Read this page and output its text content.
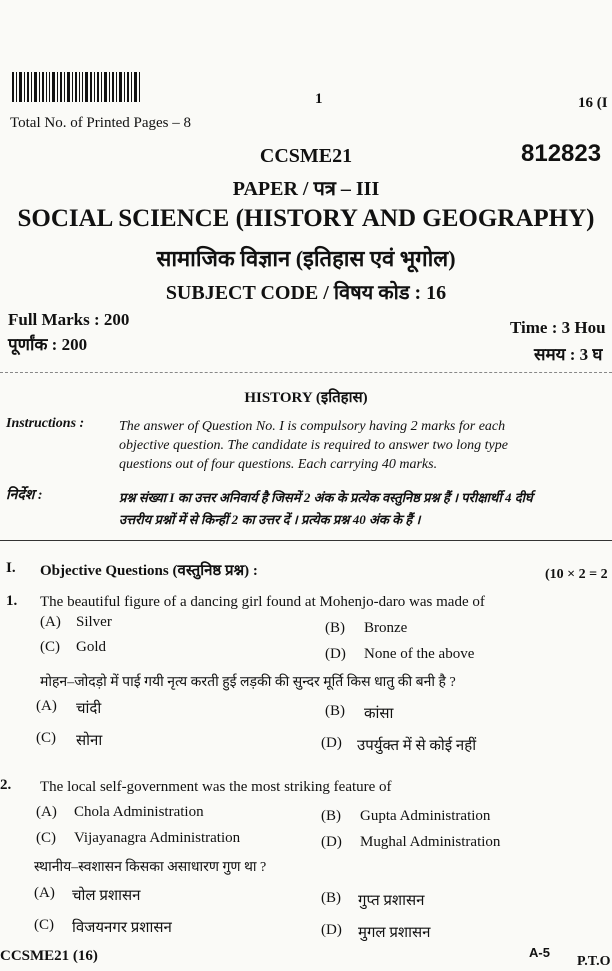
1	16 (I
Total No. of Printed Pages – 8
CCSME21	812823
PAPER / पत्र – III
SOCIAL SCIENCE (HISTORY AND GEOGRAPHY)
सामाजिक विज्ञान (इतिहास एवं भूगोल)
SUBJECT CODE / विषय कोड : 16
Full Marks : 200
पूर्णांक : 200
Time : 3 Hou
समय : 3 घ
HISTORY (इतिहास)
Instructions : The answer of Question No. I is compulsory having 2 marks for each
objective question. The candidate is required to answer two long type
questions out of four questions. Each carrying 40 marks.
निर्देश :	प्रश्न संख्या I का उत्तर अनिवार्य है जिसमें 2 अंक के प्रत्येक वस्तुनिष्ठ प्रश्न हैं । परीक्षार्थी 4 दीर्घ
उत्तरीय प्रश्नों में से किन्हीं 2 का उत्तर दें । प्रत्येक प्रश्न 40 अंक के हैं ।
I. Objective Questions (वस्तुनिष्ठ प्रश्न) :	(10 × 2 = 2
1. The beautiful figure of a dancing girl found at Mohenjo-daro was made of
(A) Silver	(B) Bronze
(C) Gold	(D) None of the above
मोहन–जोदड़ो में पाई गयी नृत्य करती हुई लड़की की सुन्दर मूर्ति किस धातु की बनी है ?
(A) चांदी	(B) कांसा
(C) सोना	(D) उपर्युक्त में से कोई नहीं
2. The local self-government was the most striking feature of
(A) Chola Administration	(B) Gupta Administration
(C) Vijayanagra Administration	(D) Mughal Administration
स्थानीय–स्वशासन किसका असाधारण गुण था ?
(A) चोल प्रशासन	(B) गुप्त प्रशासन
(C) विजयनगर प्रशासन	(D) मुगल प्रशासन
CCSME21 (16)	A-5
P.T.O
